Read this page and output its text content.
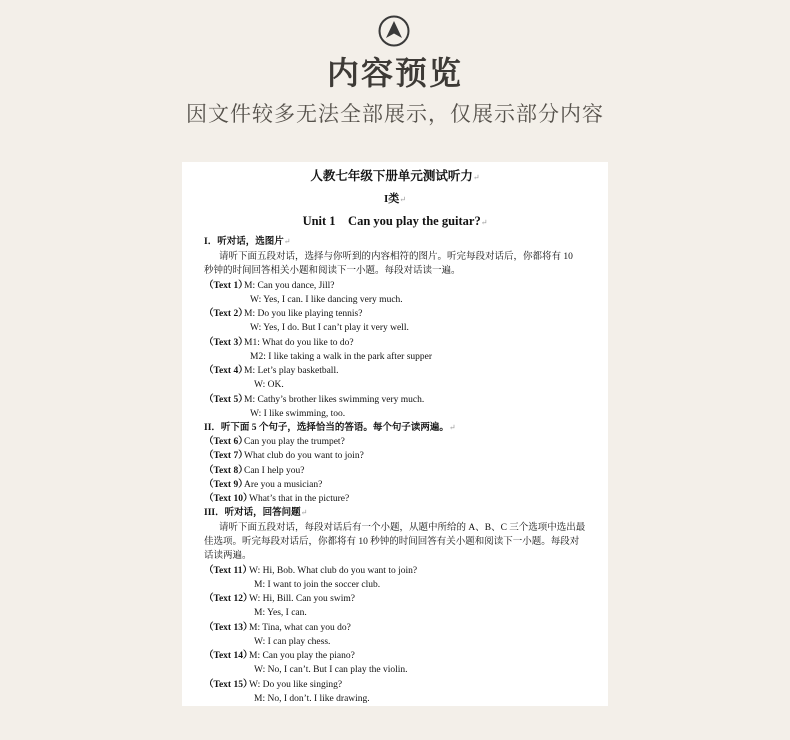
内容预览
因文件较多无法全部展示，仅展示部分内容
人教七年级下册单元测试听力↵
I类↵
Unit 1    Can you play the guitar?↵
I．听对话，选图片↵
请听下面五段对话，选择与你听到的内容相符的图片。听完每段对话后，你都将有 10
秒钟的时间回答相关小题和阅读下一小题。每段对话读一遍。
（Text 1）M: Can you dance, Jill?
W: Yes, I can. I like dancing very much.
（Text 2）M: Do you like playing tennis?
W: Yes, I do. But I can’t play it very well.
（Text 3）M1: What do you like to do?
M2: I like taking a walk in the park after supper
（Text 4）M: Let’s play basketball.
W: OK.
（Text 5）M: Cathy’s brother likes swimming very much.
W: I like swimming, too.
II．听下面 5 个句子，选择恰当的答语。每个句子读两遍。↵
（Text 6）Can you play the trumpet?
（Text 7）What club do you want to join?
（Text 8）Can I help you?
（Text 9）Are you a musician?
（Text 10）What’s that in the picture?
III．听对话，回答问题↵
请听下面五段对话，每段对话后有一个小题，从题中所给的 A、B、C 三个选项中选出最
佳选项。听完每段对话后，你都将有 10 秒钟的时间回答有关小题和阅读下一小题。每段对
话读两遍。
（Text 11）W: Hi, Bob. What club do you want to join?
M: I want to join the soccer club.
（Text 12）W: Hi, Bill. Can you swim?
M: Yes, I can.
（Text 13）M: Tina, what can you do?
W: I can play chess.
（Text 14）M: Can you play the piano?
W: No, I can’t. But I can play the violin.
（Text 15）W: Do you like singing?
M: No, I don’t. I like drawing.
